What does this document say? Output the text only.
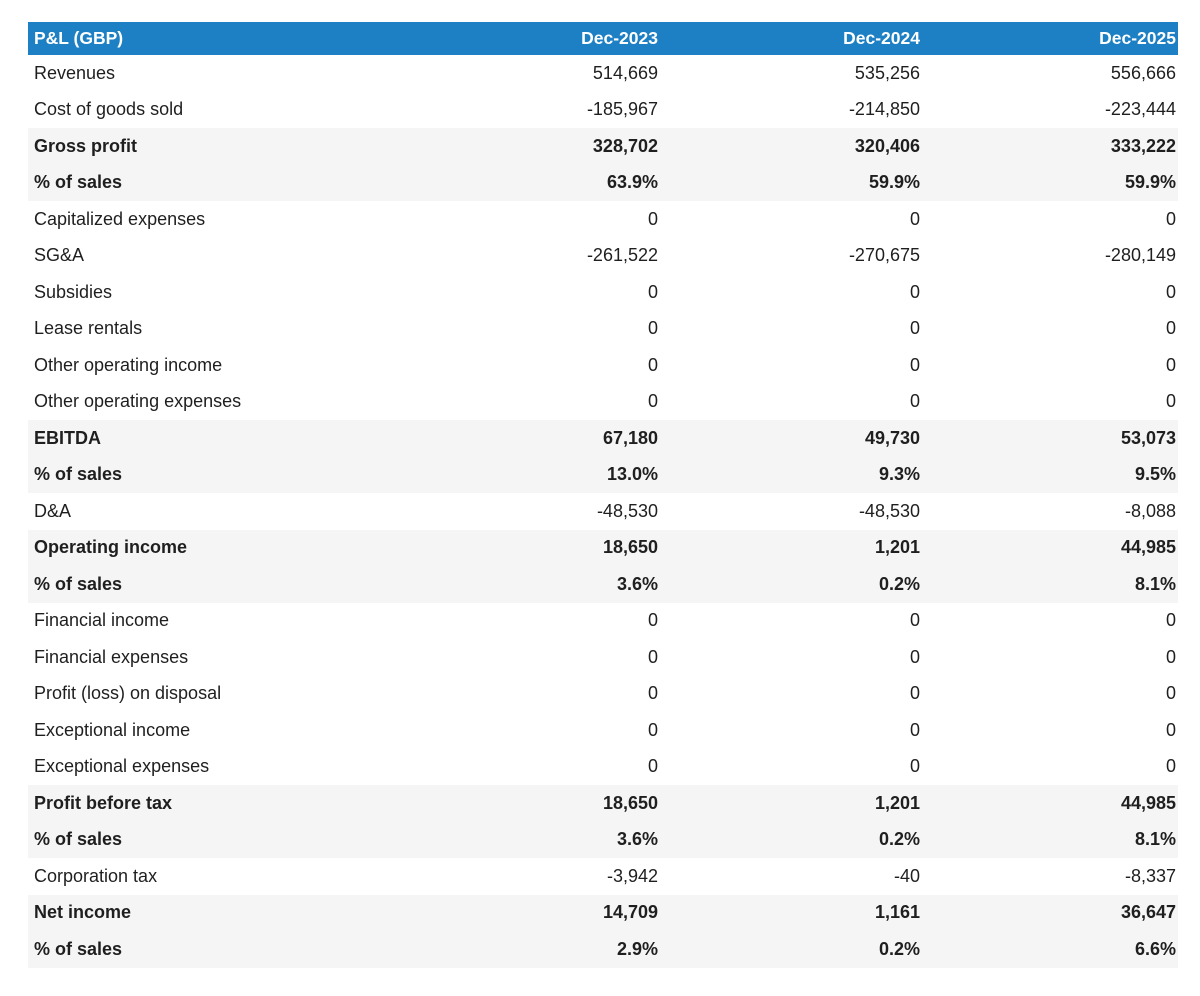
P&L (GBP)	Dec-2023	Dec-2024	Dec-2025
Revenues	514,669	535,256	556,666
Cost of goods sold	-185,967	-214,850	-223,444
Gross profit	328,702	320,406	333,222
% of sales	63.9%	59.9%	59.9%
Capitalized expenses	0	0	0
SG&A	-261,522	-270,675	-280,149
Subsidies	0	0	0
Lease rentals	0	0	0
Other operating income	0	0	0
Other operating expenses	0	0	0
EBITDA	67,180	49,730	53,073
% of sales	13.0%	9.3%	9.5%
D&A	-48,530	-48,530	-8,088
Operating income	18,650	1,201	44,985
% of sales	3.6%	0.2%	8.1%
Financial income	0	0	0
Financial expenses	0	0	0
Profit (loss) on disposal	0	0	0
Exceptional income	0	0	0
Exceptional expenses	0	0	0
Profit before tax	18,650	1,201	44,985
% of sales	3.6%	0.2%	8.1%
Corporation tax	-3,942	-40	-8,337
Net income	14,709	1,161	36,647
% of sales	2.9%	0.2%	6.6%
